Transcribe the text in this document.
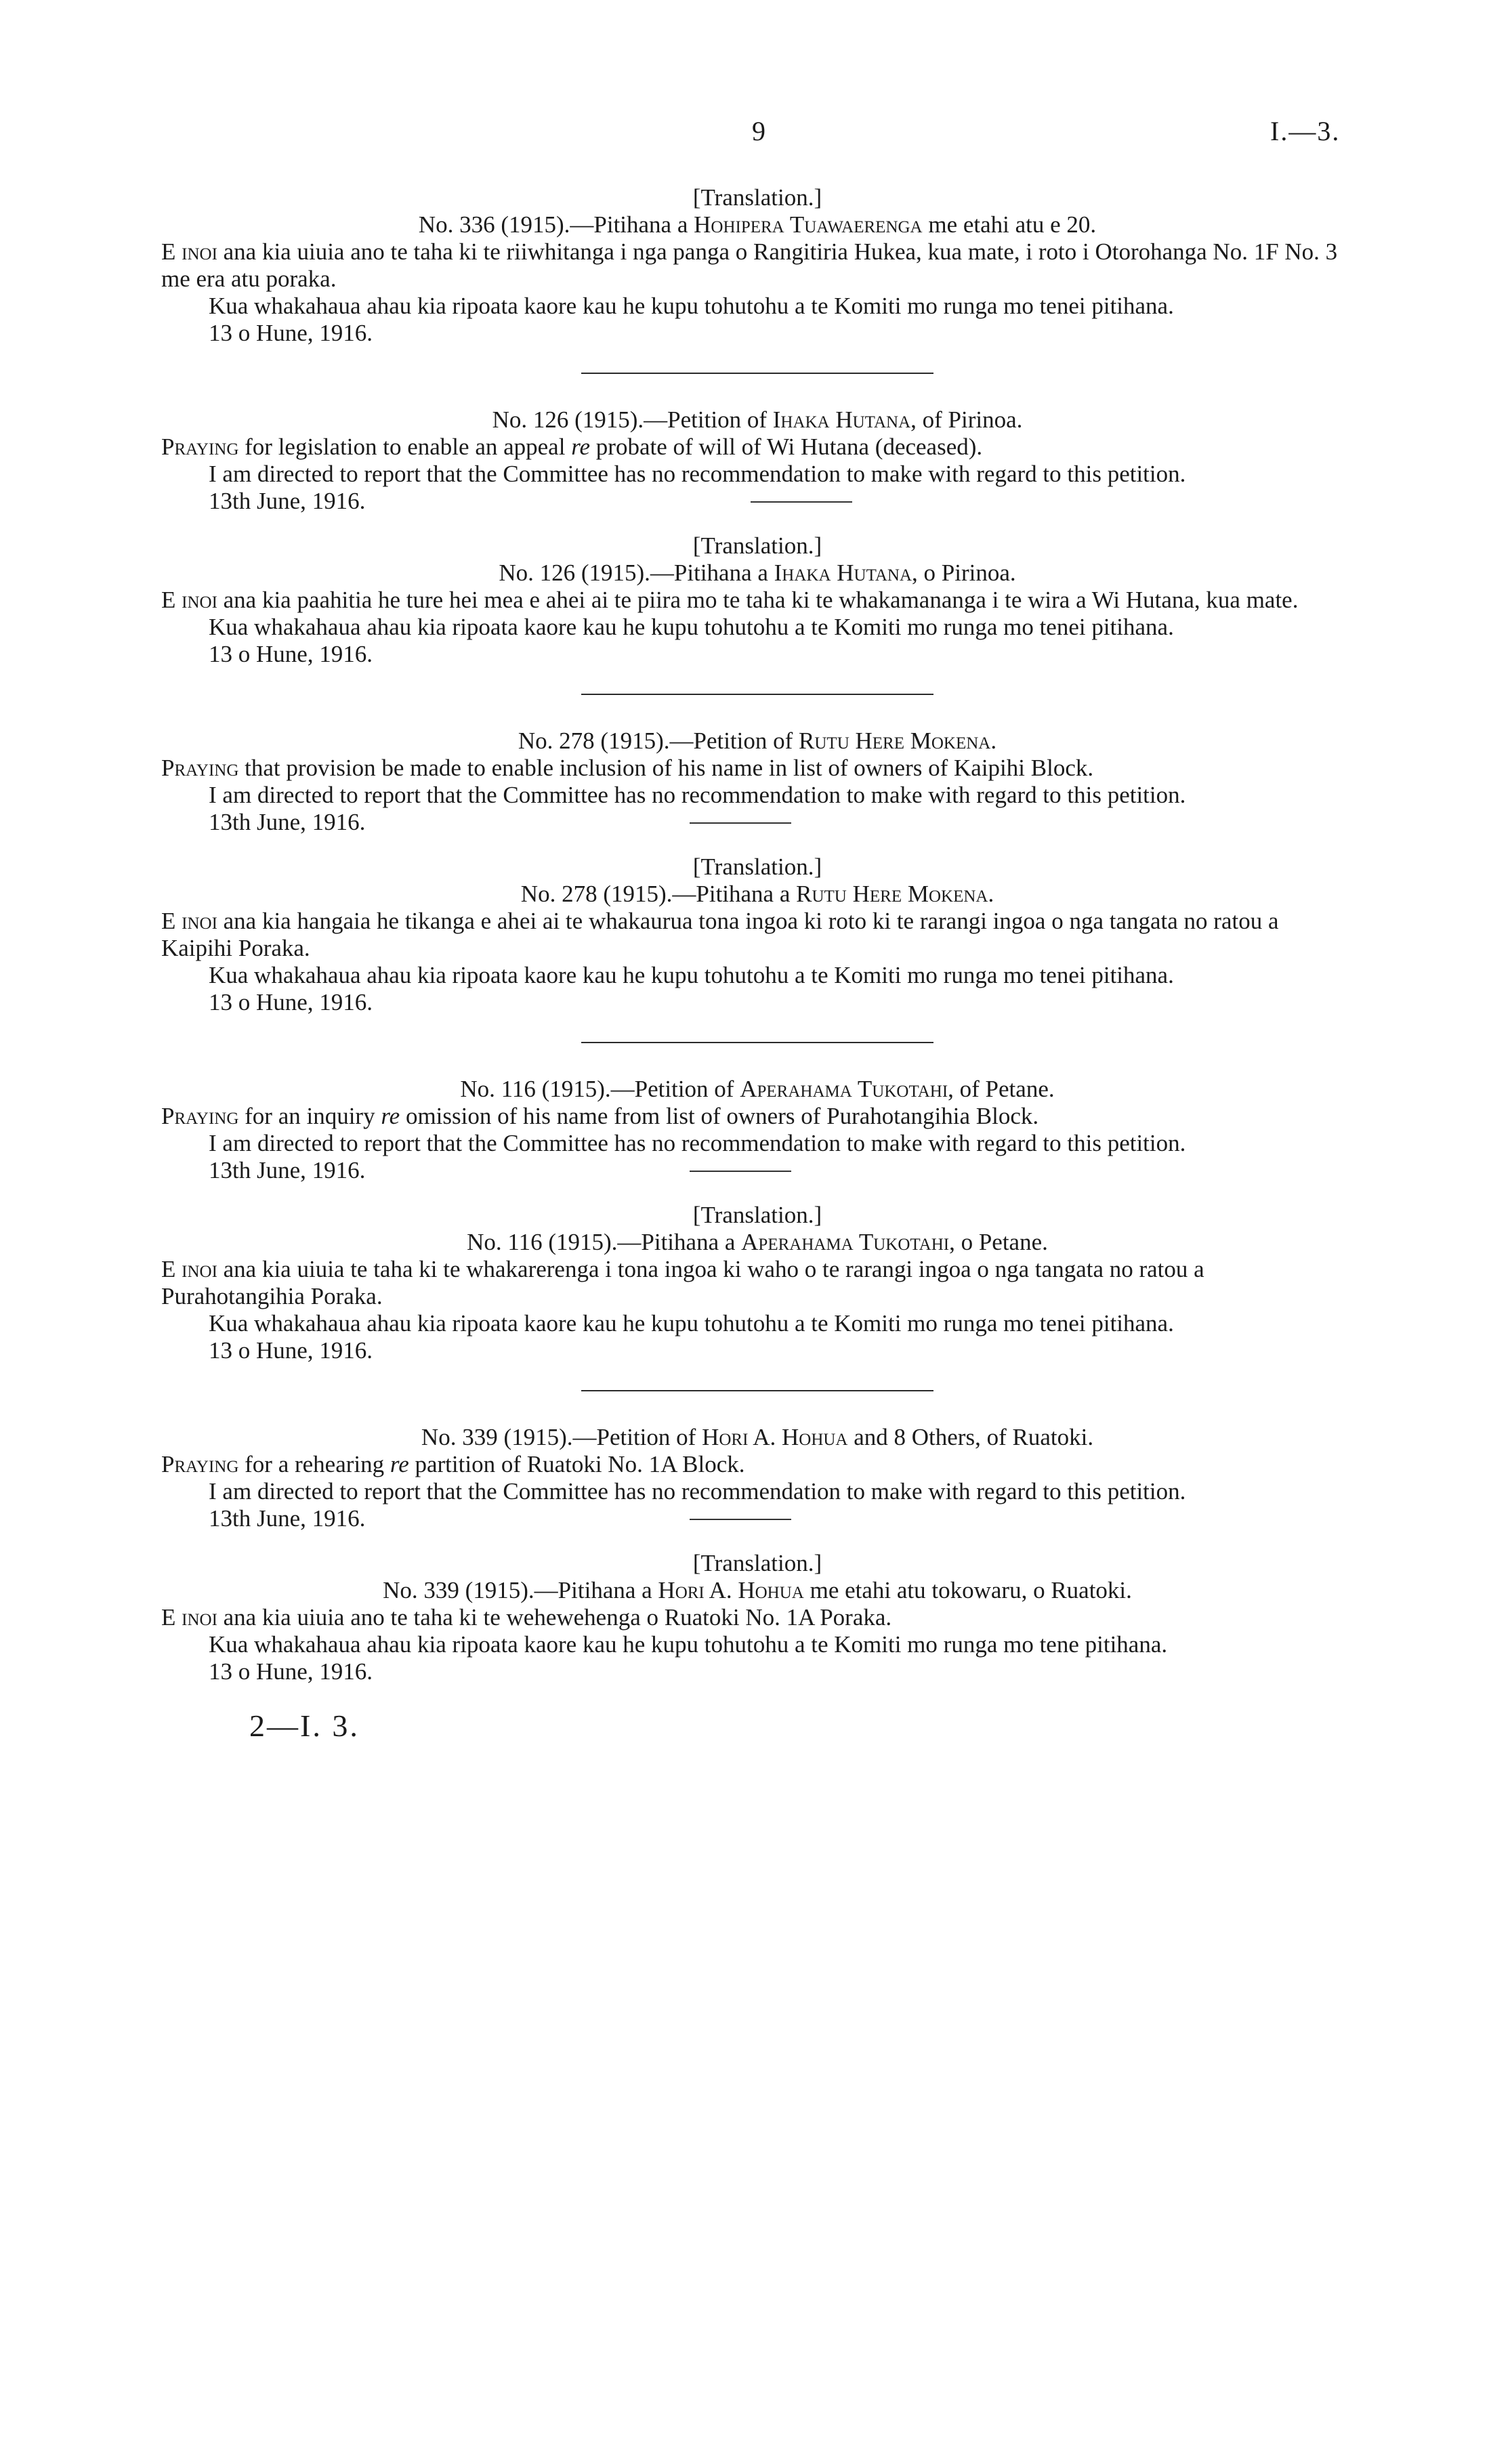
9	I.—3.
[Translation.]
No. 336 (1915).—Pitihana a Hohipera Tuawaerenga me etahi atu e 20.
E inoi ana kia uiuia ano te taha ki te riiwhitanga i nga panga o Rangitiria Hukea, kua mate, i roto i Otorohanga No. 1F No. 3 me era atu poraka.
Kua whakahaua ahau kia ripoata kaore kau he kupu tohutohu a te Komiti mo runga mo tenei pitihana.
13 o Hune, 1916.
No. 126 (1915).—Petition of Ihaka Hutana, of Pirinoa.
Praying for legislation to enable an appeal re probate of will of Wi Hutana (deceased).
I am directed to report that the Committee has no recommendation to make with regard to this petition.
13th June, 1916.
[Translation.]
No. 126 (1915).—Pitihana a Ihaka Hutana, o Pirinoa.
E inoi ana kia paahitia he ture hei mea e ahei ai te piira mo te taha ki te whakamananga i te wira a Wi Hutana, kua mate.
Kua whakahaua ahau kia ripoata kaore kau he kupu tohutohu a te Komiti mo runga mo tenei pitihana.
13 o Hune, 1916.
No. 278 (1915).—Petition of Rutu Here Mokena.
Praying that provision be made to enable inclusion of his name in list of owners of Kaipihi Block.
I am directed to report that the Committee has no recommendation to make with regard to this petition.
13th June, 1916.
[Translation.]
No. 278 (1915).—Pitihana a Rutu Here Mokena.
E inoi ana kia hangaia he tikanga e ahei ai te whakaurua tona ingoa ki roto ki te rarangi ingoa o nga tangata no ratou a Kaipihi Poraka.
Kua whakahaua ahau kia ripoata kaore kau he kupu tohutohu a te Komiti mo runga mo tenei pitihana.
13 o Hune, 1916.
No. 116 (1915).—Petition of Aperahama Tukotahi, of Petane.
Praying for an inquiry re omission of his name from list of owners of Purahotangihia Block.
I am directed to report that the Committee has no recommendation to make with regard to this petition.
13th June, 1916.
[Translation.]
No. 116 (1915).—Pitihana a Aperahama Tukotahi, o Petane.
E inoi ana kia uiuia te taha ki te whakarerenga i tona ingoa ki waho o te rarangi ingoa o nga tangata no ratou a Purahotangihia Poraka.
Kua whakahaua ahau kia ripoata kaore kau he kupu tohutohu a te Komiti mo runga mo tenei pitihana.
13 o Hune, 1916.
No. 339 (1915).—Petition of Hori A. Hohua and 8 Others, of Ruatoki.
Praying for a rehearing re partition of Ruatoki No. 1A Block.
I am directed to report that the Committee has no recommendation to make with regard to this petition.
13th June, 1916.
[Translation.]
No. 339 (1915).—Pitihana a Hori A. Hohua me etahi atu tokowaru, o Ruatoki.
E inoi ana kia uiuia ano te taha ki te wehewehenga o Ruatoki No. 1A Poraka.
Kua whakahaua ahau kia ripoata kaore kau he kupu tohutohu a te Komiti mo runga mo tene pitihana.
13 o Hune, 1916.
2—I. 3.
